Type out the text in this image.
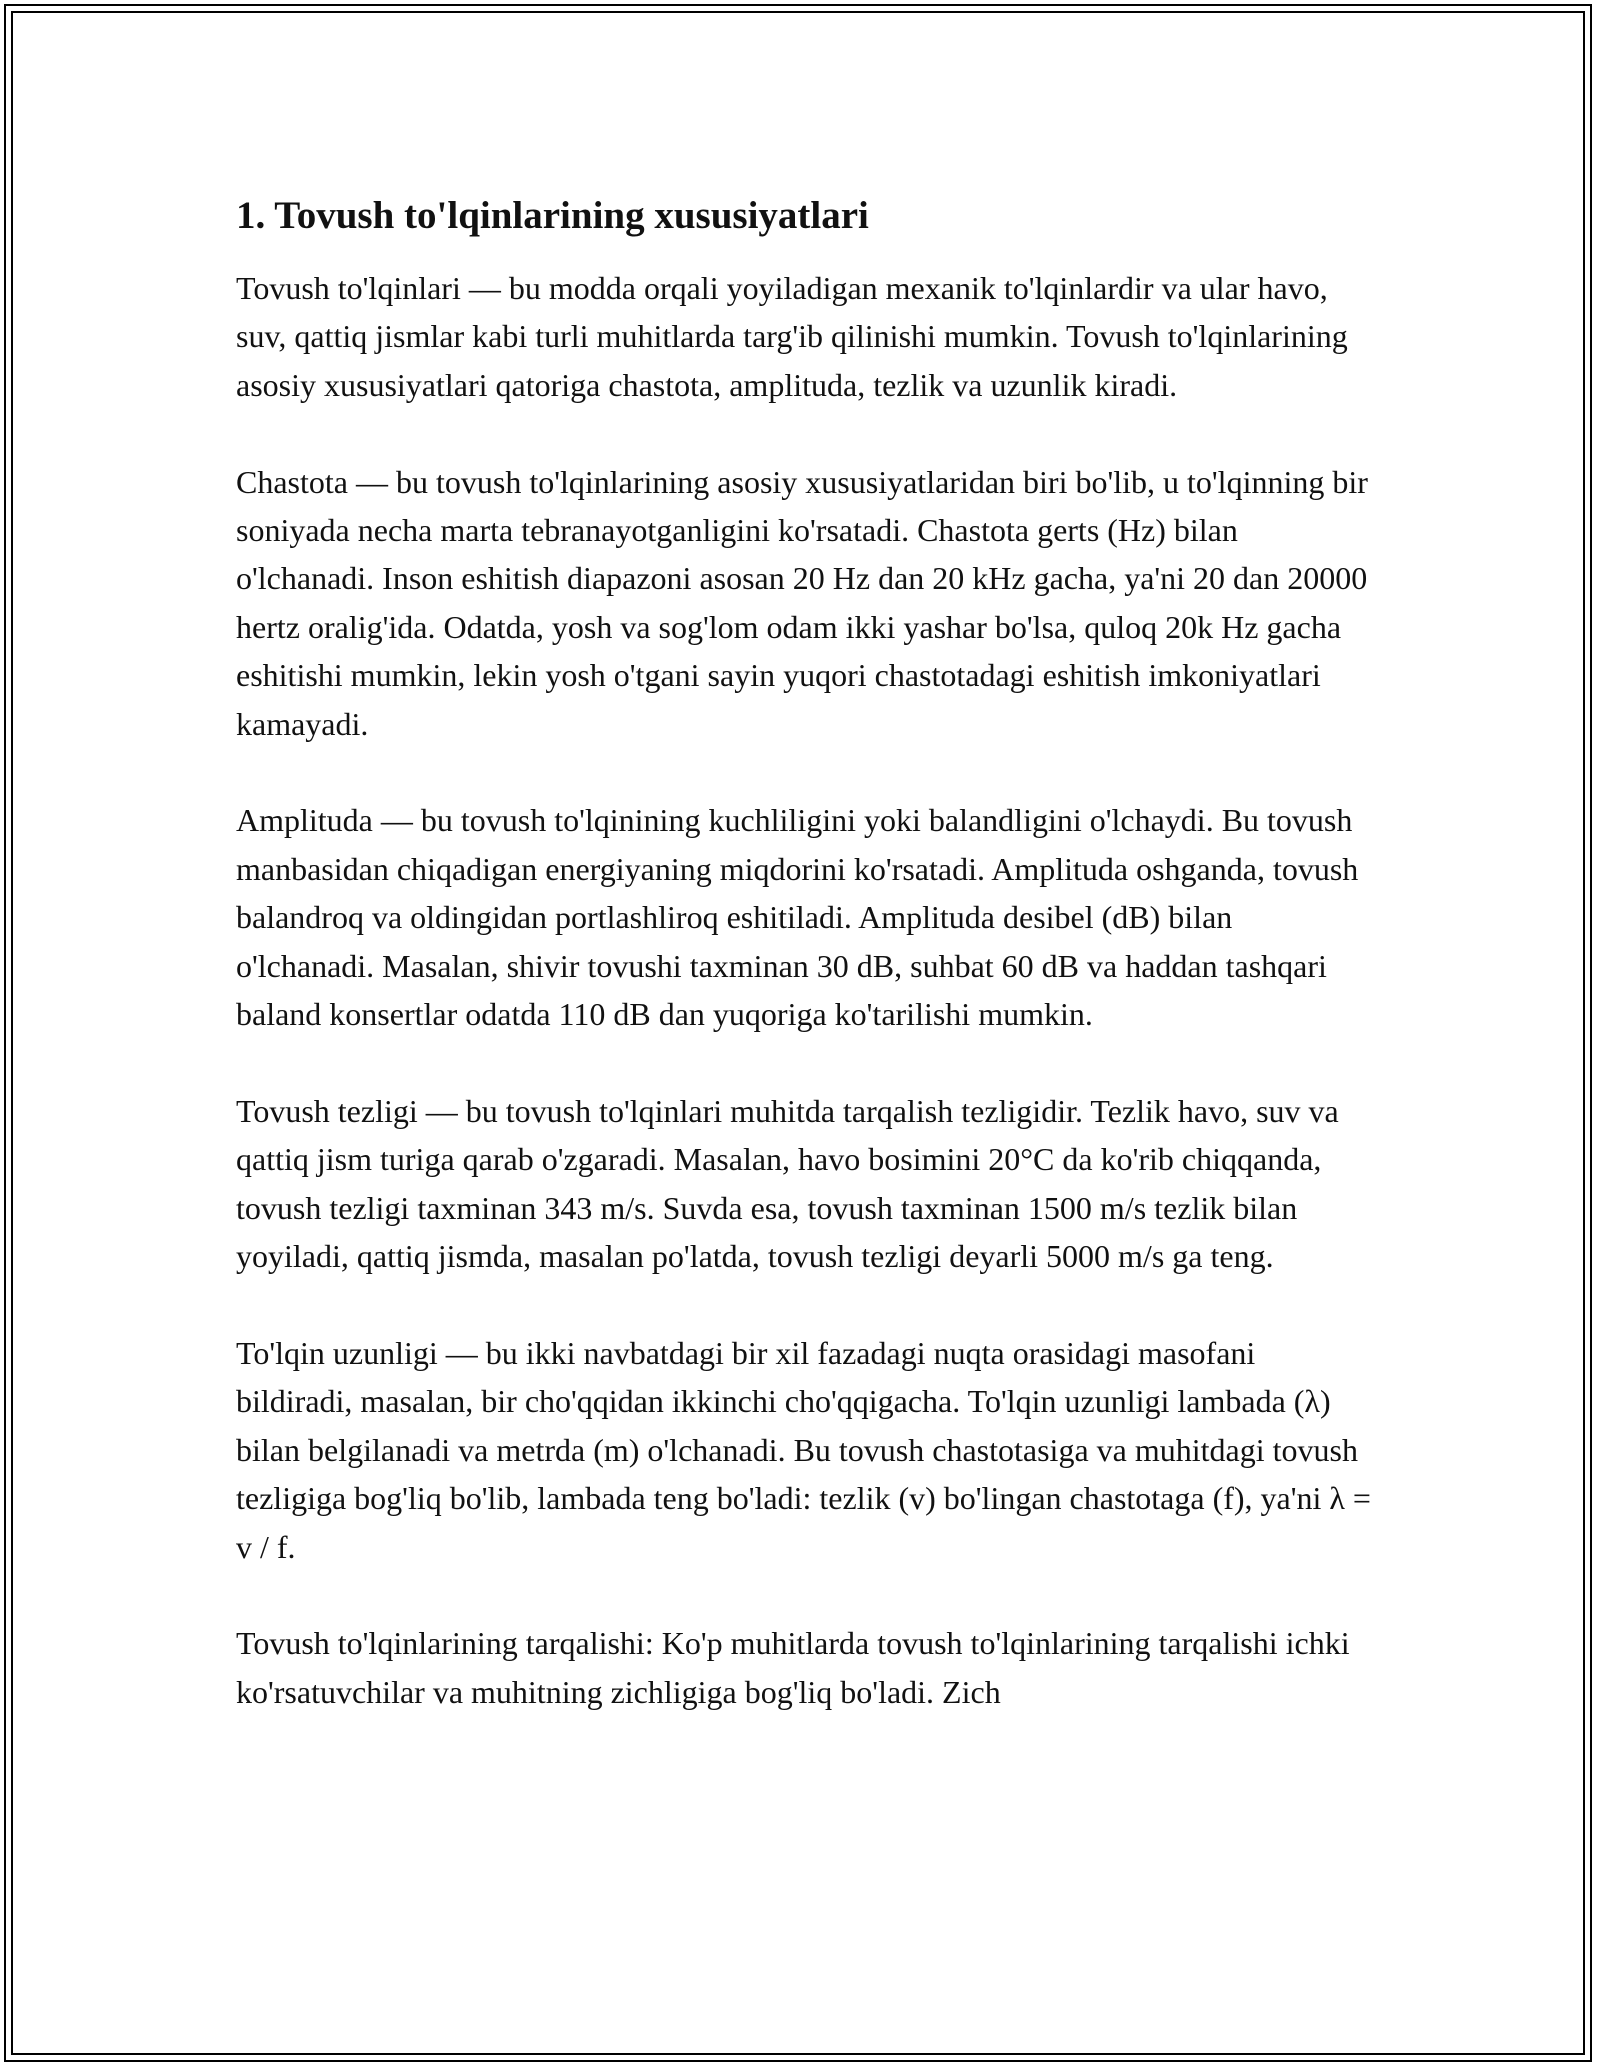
1. Tovush to'lqinlarining xususiyatlari

Tovush to'lqinlari — bu modda orqali yoyiladigan mexanik to'lqinlardir va ular havo, suv, qattiq jismlar kabi turli muhitlarda targ'ib qilinishi mumkin. Tovush to'lqinlarining asosiy xususiyatlari qatoriga chastota, amplituda, tezlik va uzunlik kiradi.

Chastota — bu tovush to'lqinlarining asosiy xususiyatlaridan biri bo'lib, u to'lqinning bir soniyada necha marta tebranayotganligini ko'rsatadi. Chastota gerts (Hz) bilan o'lchanadi. Inson eshitish diapazoni asosan 20 Hz dan 20 kHz gacha, ya'ni 20 dan 20000 hertz oralig'ida. Odatda, yosh va sog'lom odam ikki yashar bo'lsa, quloq 20k Hz gacha eshitishi mumkin, lekin yosh o'tgani sayin yuqori chastotadagi eshitish imkoniyatlari kamayadi.

Amplituda — bu tovush to'lqinining kuchliligini yoki balandligini o'lchaydi. Bu tovush manbasidan chiqadigan energiyaning miqdorini ko'rsatadi. Amplituda oshganda, tovush balandroq va oldingidan portlashliroq eshitiladi. Amplituda desibel (dB) bilan o'lchanadi. Masalan, shivir tovushi taxminan 30 dB, suhbat 60 dB va haddan tashqari baland konsertlar odatda 110 dB dan yuqoriga ko'tarilishi mumkin.

Tovush tezligi — bu tovush to'lqinlari muhitda tarqalish tezligidir. Tezlik havo, suv va qattiq jism turiga qarab o'zgaradi. Masalan, havo bosimini 20°C da ko'rib chiqqanda, tovush tezligi taxminan 343 m/s. Suvda esa, tovush taxminan 1500 m/s tezlik bilan yoyiladi, qattiq jismda, masalan po'latda, tovush tezligi deyarli 5000 m/s ga teng.

To'lqin uzunligi — bu ikki navbatdagi bir xil fazadagi nuqta orasidagi masofani bildiradi, masalan, bir cho'qqidan ikkinchi cho'qqigacha. To'lqin uzunligi lambada (λ) bilan belgilanadi va metrda (m) o'lchanadi. Bu tovush chastotasiga va muhitdagi tovush tezligiga bog'liq bo'lib, lambada teng bo'ladi: tezlik (v) bo'lingan chastotaga (f), ya'ni λ = v / f.

Tovush to'lqinlarining tarqalishi: Ko'p muhitlarda tovush to'lqinlarining tarqalishi ichki ko'rsatuvchilar va muhitning zichligiga bog'liq bo'ladi. Zich
